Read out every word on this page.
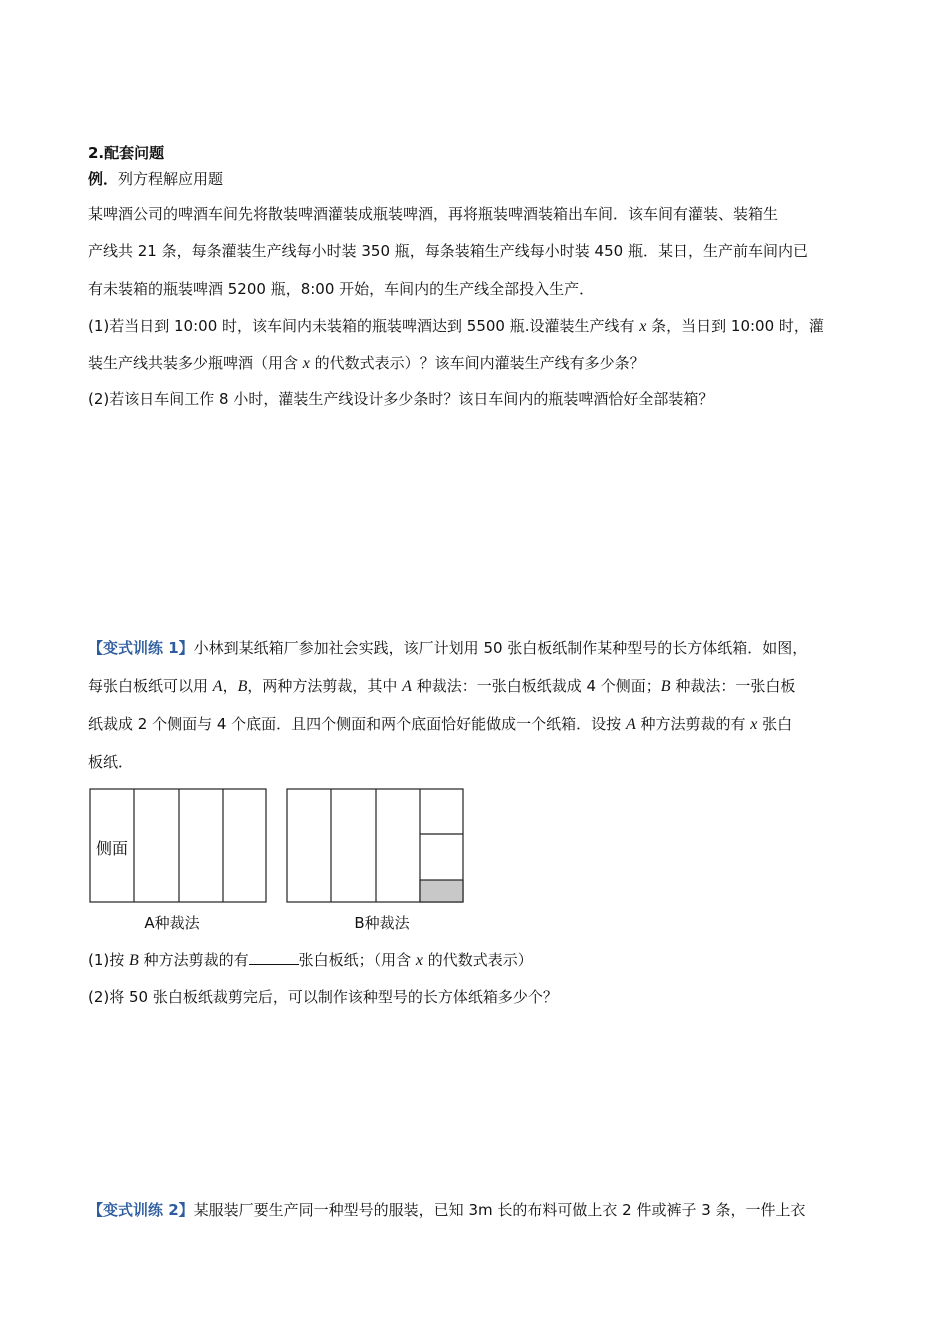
2.配套问题
例．列方程解应用题
某啤酒公司的啤酒车间先将散装啤酒灌装成瓶装啤酒，再将瓶装啤酒装箱出车间．该车间有灌装、装箱生
产线共 21 条，每条灌装生产线每小时装 350 瓶，每条装箱生产线每小时装 450 瓶．某日，生产前车间内已
有未装箱的瓶装啤酒 5200 瓶，8:00 开始，车间内的生产线全部投入生产．
(1)若当日到 10:00 时，该车间内未装箱的瓶装啤酒达到 5500 瓶.设灌装生产线有 x 条，当日到 10:00 时，灌
装生产线共装多少瓶啤酒（用含 x 的代数式表示）？该车间内灌装生产线有多少条？
(2)若该日车间工作 8 小时，灌装生产线设计多少条时？该日车间内的瓶装啤酒恰好全部装箱？
【变式训练 1】小林到某纸箱厂参加社会实践，该厂计划用 50 张白板纸制作某种型号的长方体纸箱．如图，
每张白板纸可以用 A，B，两种方法剪裁，其中 A 种裁法：一张白板纸裁成 4 个侧面；B 种裁法：一张白板
纸裁成 2 个侧面与 4 个底面．且四个侧面和两个底面恰好能做成一个纸箱．设按 A 种方法剪裁的有 x 张白
板纸．
侧面
A种裁法	B种裁法
(1)按 B 种方法剪裁的有	张白板纸；（用含 x 的代数式表示）
(2)将 50 张白板纸裁剪完后，可以制作该种型号的长方体纸箱多少个？
【变式训练 2】某服装厂要生产同一种型号的服装，已知 3m 长的布料可做上衣 2 件或裤子 3 条，一件上衣
